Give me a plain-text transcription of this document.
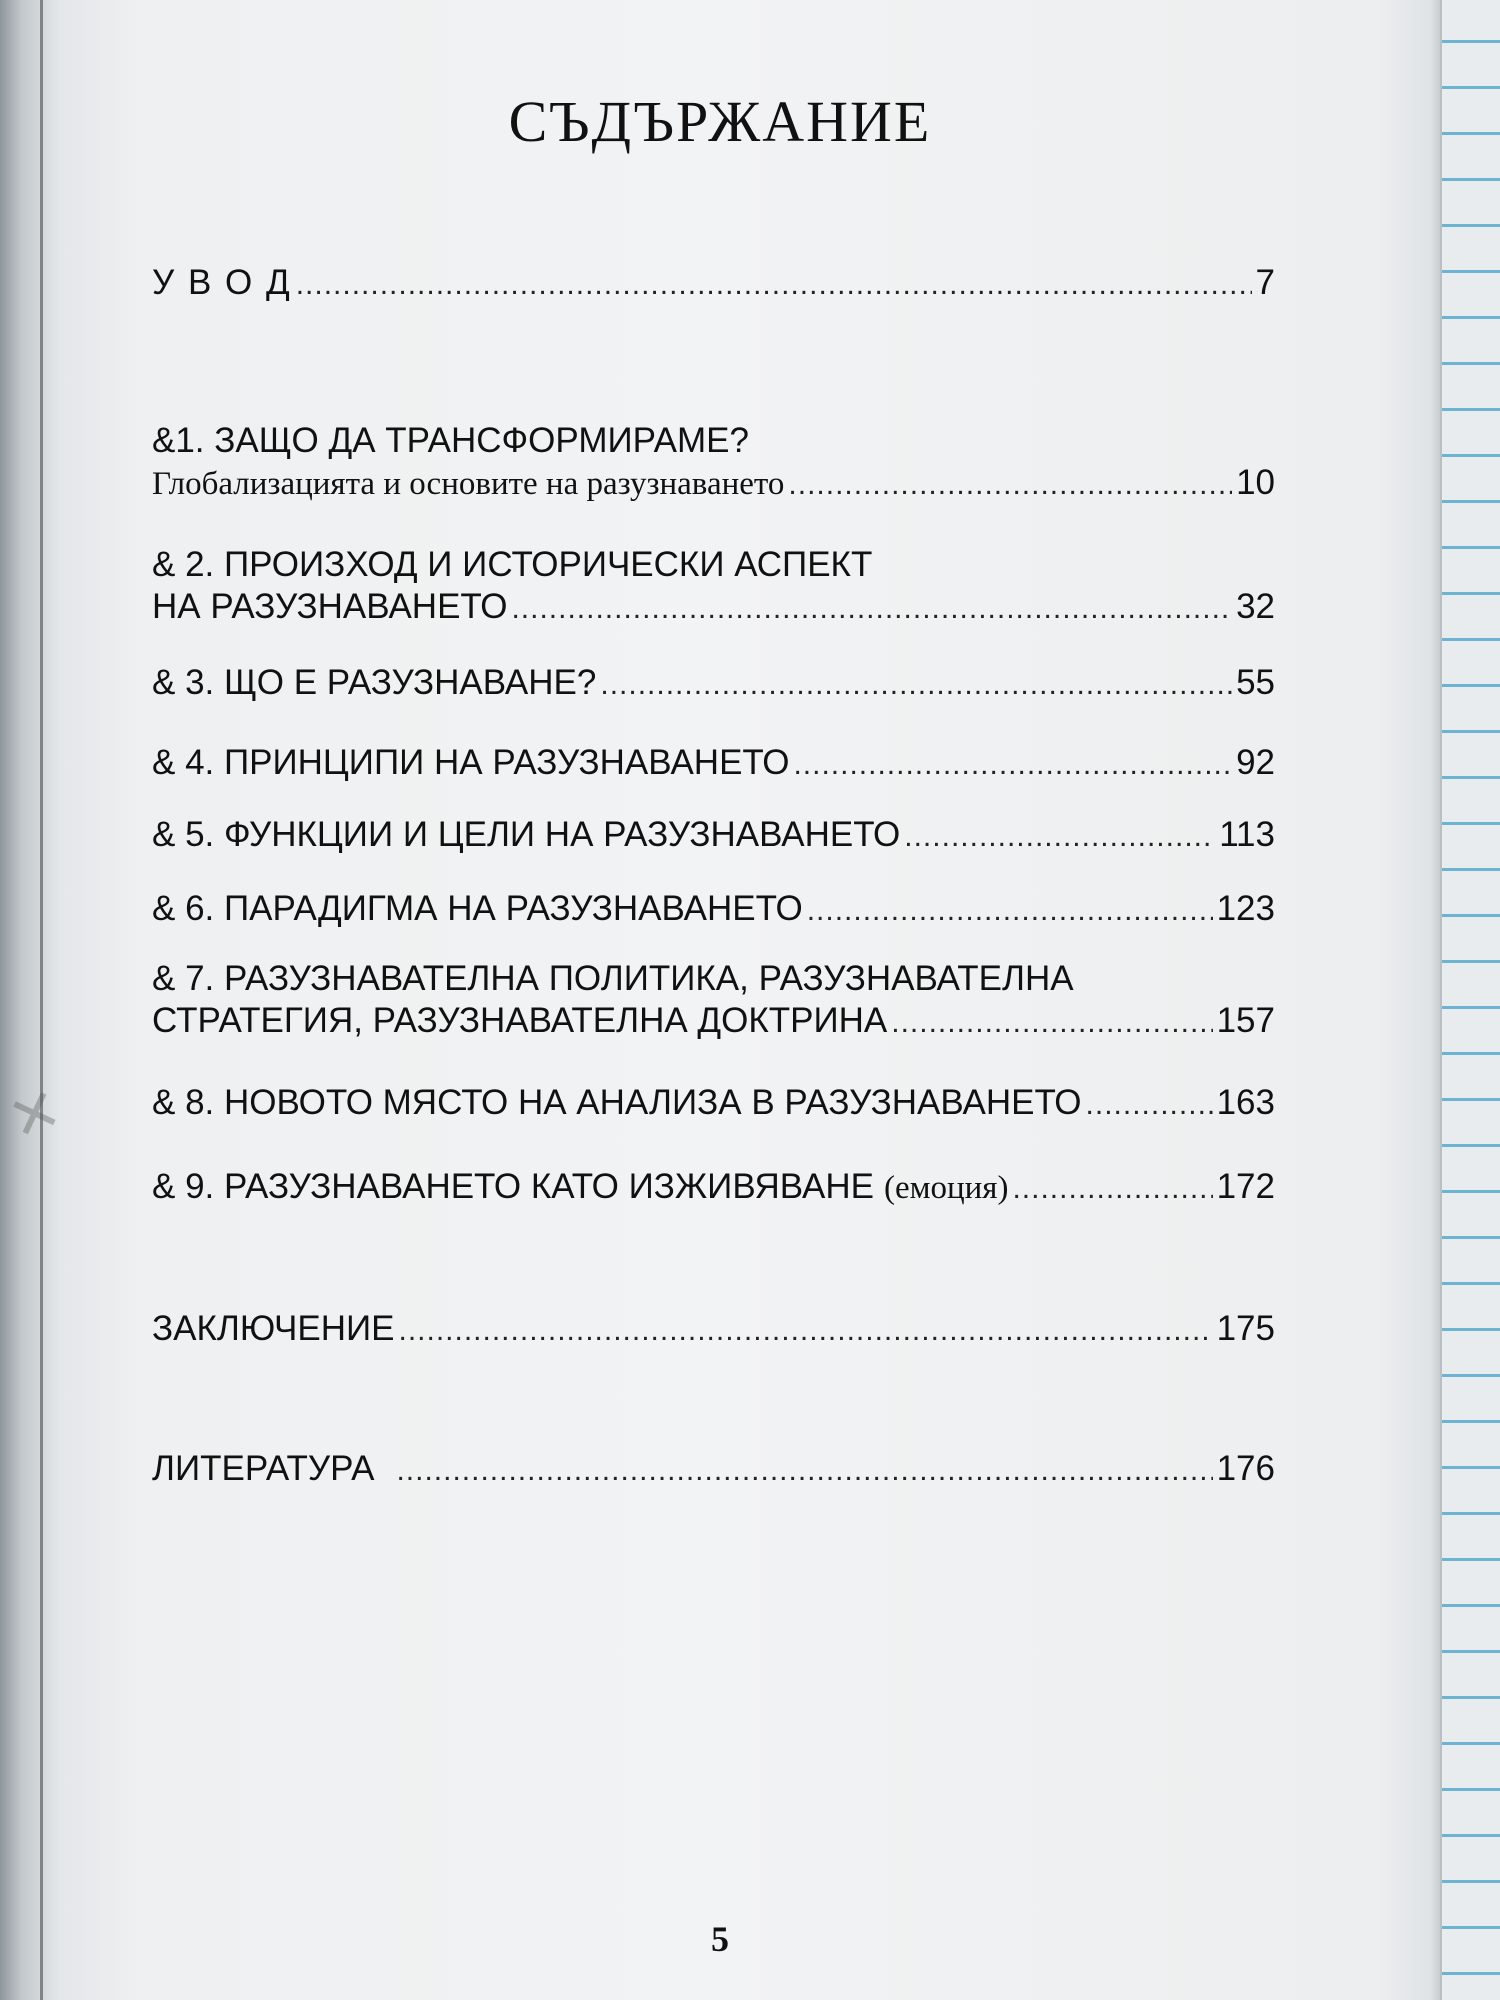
✕
СЪДЪРЖАНИЕ
У В О Д .....	7
&1. ЗАЩО ДА ТРАНСФОРМИРАМЕ?
Глобализацията и основите на разузнаването .....	10
& 2. ПРОИЗХОД И ИСТОРИЧЕСКИ АСПЕКТ
НА РАЗУЗНАВАНЕТО .....	32
& 3. ЩО Е РАЗУЗНАВАНЕ? .....	55
& 4. ПРИНЦИПИ НА РАЗУЗНАВАНЕТО .....	92
& 5. ФУНКЦИИ И ЦЕЛИ НА РАЗУЗНАВАНЕТО .....	113
& 6. ПАРАДИГМА НА РАЗУЗНАВАНЕТО .....	123
& 7. РАЗУЗНАВАТЕЛНА ПОЛИТИКА, РАЗУЗНАВАТЕЛНА
СТРАТЕГИЯ, РАЗУЗНАВАТЕЛНА ДОКТРИНА .....	157
& 8. НОВОТО МЯСТО НА АНАЛИЗА В РАЗУЗНАВАНЕТО .....	163
& 9. РАЗУЗНАВАНЕТО КАТО ИЗЖИВЯВАНЕ (емоция) .....	172
ЗАКЛЮЧЕНИЕ .....	175
ЛИТЕРАТУРА .....	176
5
